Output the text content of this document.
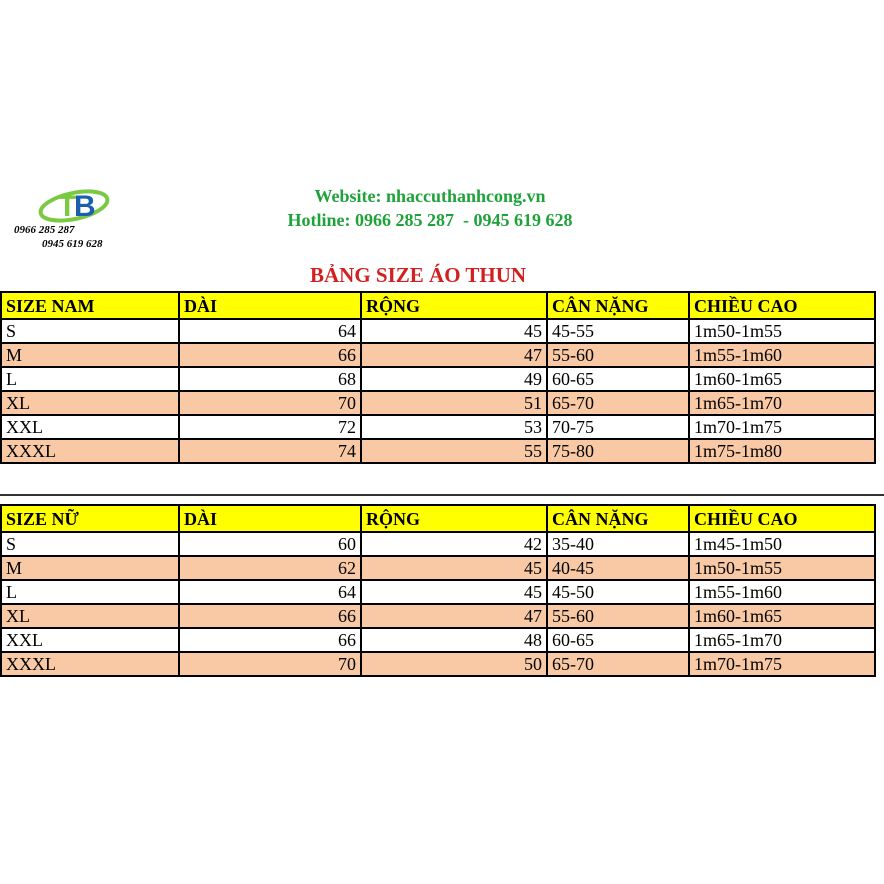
T
B
0966 285 287
0945 619 628
Website: nhaccuthanhcong.vn
Hotline: 0966 285 287  - 0945 619 628
BẢNG SIZE ÁO THUN
SIZE NAM	DÀI	RỘNG	CÂN NẶNG	CHIỀU CAO
S	64	45	45-55	1m50-1m55
M	66	47	55-60	1m55-1m60
L	68	49	60-65	1m60-1m65
XL	70	51	65-70	1m65-1m70
XXL	72	53	70-75	1m70-1m75
XXXL	74	55	75-80	1m75-1m80
SIZE NỮ	DÀI	RỘNG	CÂN NẶNG	CHIỀU CAO
S	60	42	35-40	1m45-1m50
M	62	45	40-45	1m50-1m55
L	64	45	45-50	1m55-1m60
XL	66	47	55-60	1m60-1m65
XXL	66	48	60-65	1m65-1m70
XXXL	70	50	65-70	1m70-1m75
